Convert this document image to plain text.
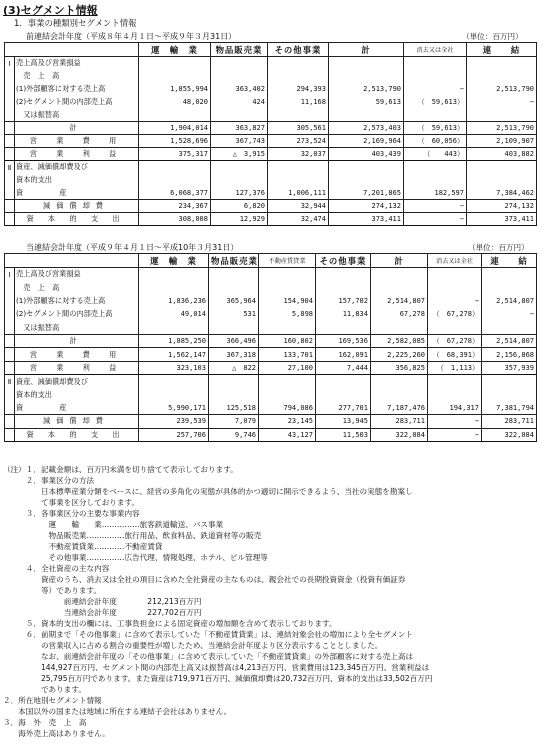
(3)セグメント情報
1．事業の種類別セグメント情報
前連結会計年度（平成８年４月１日〜平成９年３月31日）	（単位：百万円）
		運　輸　業	物品販売業	その他事業	計	消去又は全社	連　　結
Ⅰ	売上高及び営業損益						
	　売　上　高						
	(1)外部顧客に対する売上高	1,855,994	363,402	294,393	2,513,790	−	2,513,790
	(2)セグメント間の内部売上高	48,020	424	11,168	59,613	（　59,613）	−
	　又は振替高						
	計	1,904,014	363,827	305,561	2,573,403	（　59,613）	2,513,790
	営　業　費　用	1,528,696	367,743	273,524	2,169,964	（　60,056）	2,109,907
	営　業　利　益	375,317	△　3,915	32,037	403,439	（　　443）	403,882
Ⅱ	資産、減価償却費及び						
	資本的支出						
	資　　　　　産	6,068,377	127,376	1,006,111	7,201,865	182,597	7,384,462
	減価償却費	234,367	6,820	32,944	274,132	−	274,132
	資 本 的 支 出	308,008	12,929	32,474	373,411	−	373,411
当連結会計年度（平成９年４月１日〜平成10年３月31日）	（単位：百万円）
		運　輸　業	物品販売業	不動産賃貸業	その他事業	計	消去又は全社	連　　結
Ⅰ	売上高及び営業損益							
	　売　上　高							
	(1)外部顧客に対する売上高	1,836,236	365,964	154,904	157,702	2,514,807	−	2,514,807
	(2)セグメント間の内部売上高	49,014	531	5,898	11,834	67,278	（　67,278）	−
	　又は振替高							
	計	1,885,250	366,496	160,802	169,536	2,582,085	（　67,278）	2,514,807
	営　業　費　用	1,562,147	367,318	133,701	162,091	2,225,260	（　68,391）	2,156,868
	営　業　利　益	323,103	△　822	27,100	7,444	356,825	（　1,113）	357,939
Ⅱ	資産、減価償却費及び							
	資本的支出							
	資　　　　　産	5,990,171	125,518	794,086	277,701	7,187,476	194,317	7,381,794
	減価償却費	239,539	7,079	23,145	13,945	283,711	−	283,711
	資 本 的 支 出	257,706	9,746	43,127	11,503	322,084	−	322,084
（注）１．記載金額は、百万円未満を切り捨てて表示しております。
　　　２．事業区分の方法
　　　　　日本標準産業分類をベースに、経営の多角化の実態が具体的かつ適切に開示できるよう、当社の実態を勘案し
　　　　　て事業を区分しております。
　　　３．各事業区分の主要な事業内容
　　　　　　運　　輸　　業……………旅客鉄道輸送、バス事業
　　　　　　物品販売業……………旅行用品、飲食料品、鉄道資材等の販売
　　　　　　不動産賃貸業…………不動産賃貸
　　　　　　その他事業……………広告代理、情報処理、ホテル、ビル管理等
　　　４．全社資産の主な内容
　　　　　資産のうち、消去又は全社の項目に含めた全社資産の主なものは、親会社での長期投資資金（投資有価証券
　　　　　等）であります。
　　　　　　　　前連結会計年度　　　　212,213百万円
　　　　　　　　当連結会計年度　　　　227,702百万円
　　　５．資本的支出の欄には、工事負担金による固定資産の増加額を含めて表示しております。
　　　６．前期まで「その他事業」に含めて表示していた「不動産賃貸業」は、連結対象会社の増加により全セグメント
　　　　　の営業収入に占める割合の重要性が増したため、当連結会計年度より区分表示することとしました。
　　　　　なお、前連結会計年度の「その他事業」に含めて表示していた「不動産賃貸業」の外部顧客に対する売上高は
　　　　　144,927百万円、セグメント間の内部売上高又は振替高は4,213百万円、営業費用は123,345百万円、営業利益は
　　　　　25,795百万円であります。また資産は719,971百万円、減価償却費は20,732百万円、資本的支出は33,502百万円
　　　　　であります。
２．所在地別セグメント情報
　　本国以外の国または地域に所在する連結子会社はありません。
３．海　外　売　上　高
　　海外売上高はありません。
